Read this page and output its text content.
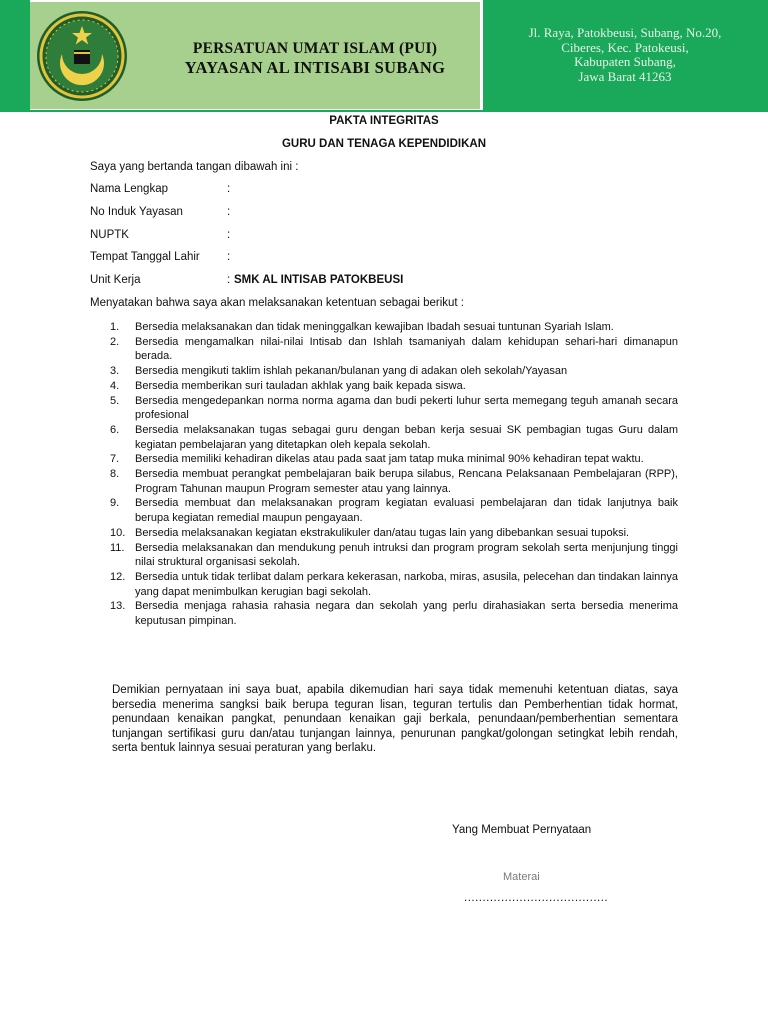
PERSATUAN UMAT ISLAM (PUI)
YAYASAN AL INTISABI SUBANG
Jl. Raya, Patokbeusi, Subang, No.20,
Ciberes, Kec. Patokeusi,
Kabupaten Subang,
Jawa Barat 41263
PAKTA INTEGRITAS
GURU DAN TENAGA KEPENDIDIKAN
Saya yang bertanda tangan dibawah ini :
Nama Lengkap	:
No Induk Yayasan	:
NUPTK	:
Tempat Tanggal Lahir :
Unit Kerja	: SMK AL INTISAB PATOKBEUSI
Menyatakan bahwa saya akan melaksanakan ketentuan sebagai berikut :
1. Bersedia melaksanakan dan tidak meninggalkan kewajiban Ibadah sesuai tuntunan Syariah Islam.
2. Bersedia mengamalkan nilai-nilai Intisab dan Ishlah tsamaniyah dalam kehidupan sehari-hari dimanapun berada.
3. Bersedia mengikuti taklim ishlah pekanan/bulanan yang di adakan oleh sekolah/Yayasan
4. Bersedia memberikan suri tauladan akhlak yang baik kepada siswa.
5. Bersedia mengedepankan norma norma agama dan budi pekerti luhur serta memegang teguh amanah secara profesional
6. Bersedia melaksanakan tugas sebagai guru dengan beban kerja sesuai SK pembagian tugas Guru dalam kegiatan pembelajaran yang ditetapkan oleh kepala sekolah.
7. Bersedia memiliki kehadiran dikelas atau pada saat jam tatap muka minimal 90% kehadiran tepat waktu.
8. Bersedia membuat perangkat pembelajaran baik berupa silabus, Rencana Pelaksanaan Pembelajaran (RPP), Program Tahunan maupun Program semester atau yang lainnya.
9. Bersedia membuat dan melaksanakan program kegiatan evaluasi pembelajaran dan tidak lanjutnya baik berupa kegiatan remedial maupun pengayaan.
10. Bersedia melaksanakan kegiatan ekstrakulikuler dan/atau tugas lain yang dibebankan sesuai tupoksi.
11. Bersedia melaksanakan dan mendukung penuh intruksi dan program program sekolah serta menjunjung tinggi nilai struktural organisasi sekolah.
12. Bersedia untuk tidak terlibat dalam perkara kekerasan, narkoba, miras, asusila, pelecehan dan tindakan lainnya yang dapat menimbulkan kerugian bagi sekolah.
13. Bersedia menjaga rahasia rahasia negara dan sekolah yang perlu dirahasiakan serta bersedia menerima keputusan pimpinan.
Demikian pernyataan ini saya buat, apabila dikemudian hari saya tidak memenuhi ketentuan diatas, saya bersedia menerima sangksi baik berupa teguran lisan, teguran tertulis dan Pemberhentian tidak hormat, penundaan kenaikan pangkat, penundaan kenaikan gaji berkala, penundaan/pemberhentian sementara tunjangan sertifikasi guru dan/atau tunjangan lainnya, penurunan pangkat/golongan setingkat lebih rendah, serta bentuk lainnya sesuai peraturan yang berlaku.
Yang Membuat Pernyataan
Materai
.......................................
